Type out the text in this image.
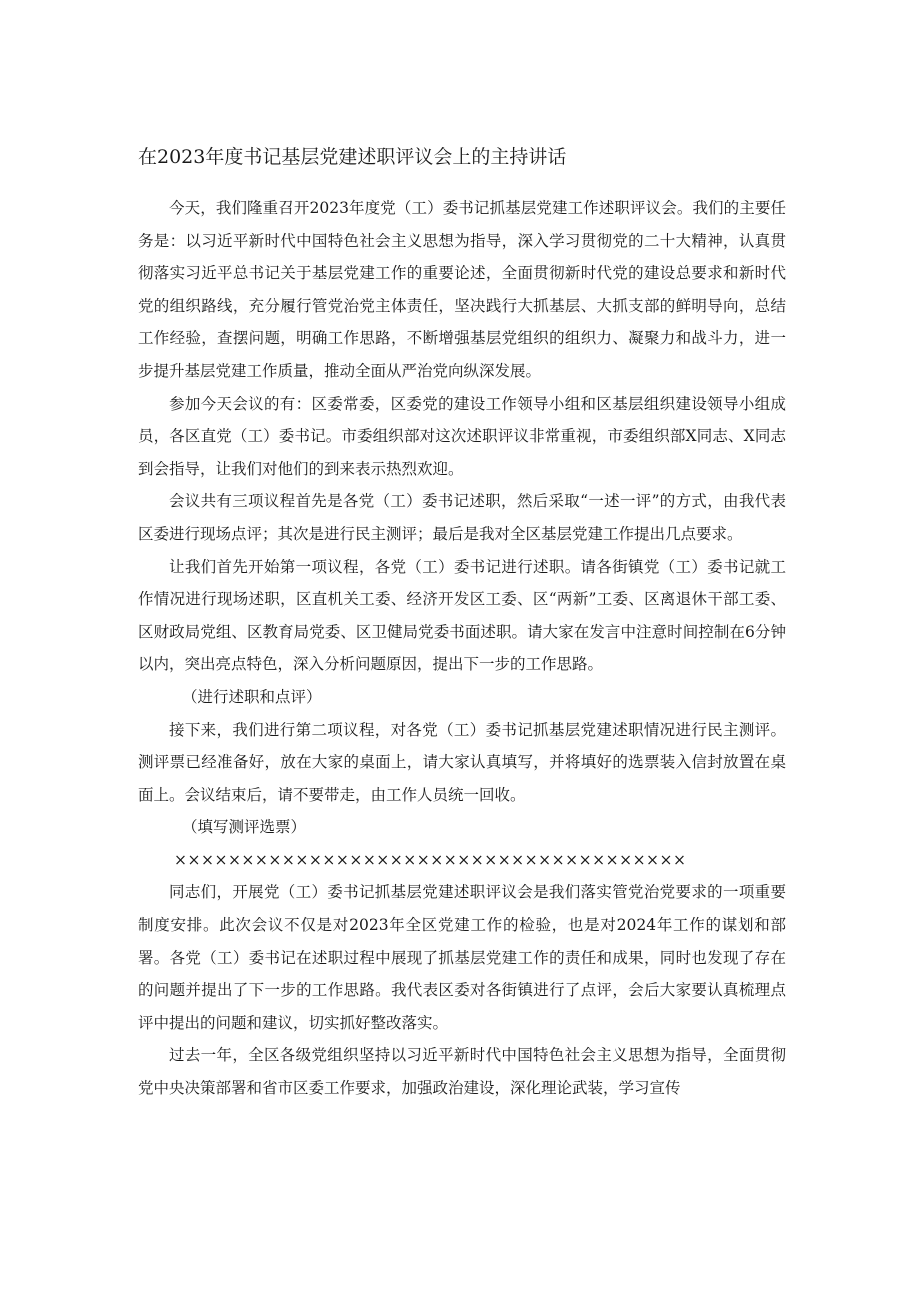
在2023年度书记基层党建述职评议会上的主持讲话

今天，我们隆重召开2023年度党（工）委书记抓基层党建工作述职评议会。我们的主要任务是：以习近平新时代中国特色社会主义思想为指导，深入学习贯彻党的二十大精神，认真贯彻落实习近平总书记关于基层党建工作的重要论述，全面贯彻新时代党的建设总要求和新时代党的组织路线，充分履行管党治党主体责任，坚决践行大抓基层、大抓支部的鲜明导向，总结工作经验，查摆问题，明确工作思路，不断增强基层党组织的组织力、凝聚力和战斗力，进一步提升基层党建工作质量，推动全面从严治党向纵深发展。

参加今天会议的有：区委常委，区委党的建设工作领导小组和区基层组织建设领导小组成员，各区直党（工）委书记。市委组织部对这次述职评议非常重视，市委组织部X同志、X同志到会指导，让我们对他们的到来表示热烈欢迎。

会议共有三项议程首先是各党（工）委书记述职，然后采取“一述一评”的方式，由我代表区委进行现场点评；其次是进行民主测评；最后是我对全区基层党建工作提出几点要求。

让我们首先开始第一项议程，各党（工）委书记进行述职。请各街镇党（工）委书记就工作情况进行现场述职，区直机关工委、经济开发区工委、区“两新”工委、区离退休干部工委、区财政局党组、区教育局党委、区卫健局党委书面述职。请大家在发言中注意时间控制在6分钟以内，突出亮点特色，深入分析问题原因，提出下一步的工作思路。

（进行述职和点评）

接下来，我们进行第二项议程，对各党（工）委书记抓基层党建述职情况进行民主测评。测评票已经准备好，放在大家的桌面上，请大家认真填写，并将填好的选票装入信封放置在桌面上。会议结束后，请不要带走，由工作人员统一回收。

（填写测评选票）

××××××××××××××××××××××××××××××××××××××

同志们，开展党（工）委书记抓基层党建述职评议会是我们落实管党治党要求的一项重要制度安排。此次会议不仅是对2023年全区党建工作的检验，也是对2024年工作的谋划和部署。各党（工）委书记在述职过程中展现了抓基层党建工作的责任和成果，同时也发现了存在的问题并提出了下一步的工作思路。我代表区委对各街镇进行了点评，会后大家要认真梳理点评中提出的问题和建议，切实抓好整改落实。

过去一年，全区各级党组织坚持以习近平新时代中国特色社会主义思想为指导，全面贯彻党中央决策部署和省市区委工作要求，加强政治建设，深化理论武装，学习宣传
